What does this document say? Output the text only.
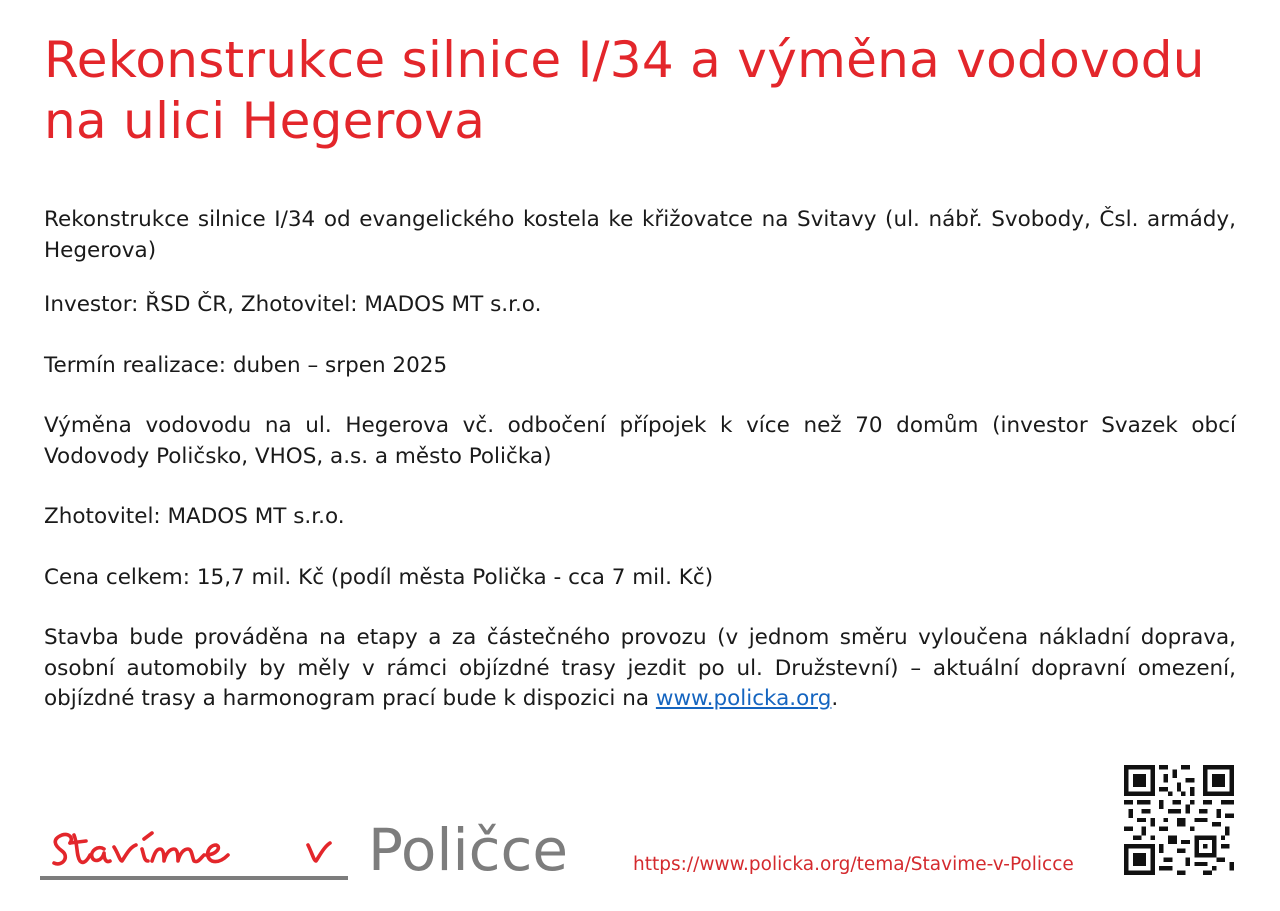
Rekonstrukce silnice I/34 a výměna vodovodu na ulici Hegerova

Rekonstrukce silnice I/34 od evangelického kostela ke křižovatce na Svitavy (ul. nábř. Svobody, Čsl. armády, Hegerova)

Investor: ŘSD ČR, Zhotovitel: MADOS MT s.r.o.

Termín realizace: duben – srpen 2025

Výměna vodovodu na ul. Hegerova vč. odbočení přípojek k více než 70 domům (investor Svazek obcí Vodovody Poličsko, VHOS, a.s. a město Polička)

Zhotovitel: MADOS MT s.r.o.

Cena celkem: 15,7 mil. Kč (podíl města Polička - cca 7 mil. Kč)

Stavba bude prováděna na etapy a za částečného provozu (v jednom směru vyloučena nákladní doprava, osobní automobily by měly v rámci objízdné trasy jezdit po ul. Družstevní) – aktuální dopravní omezení, objízdné trasy a harmonogram prací bude k dispozici na www.policka.org.

Poličce	https://www.policka.org/tema/Stavime-v-Policce
